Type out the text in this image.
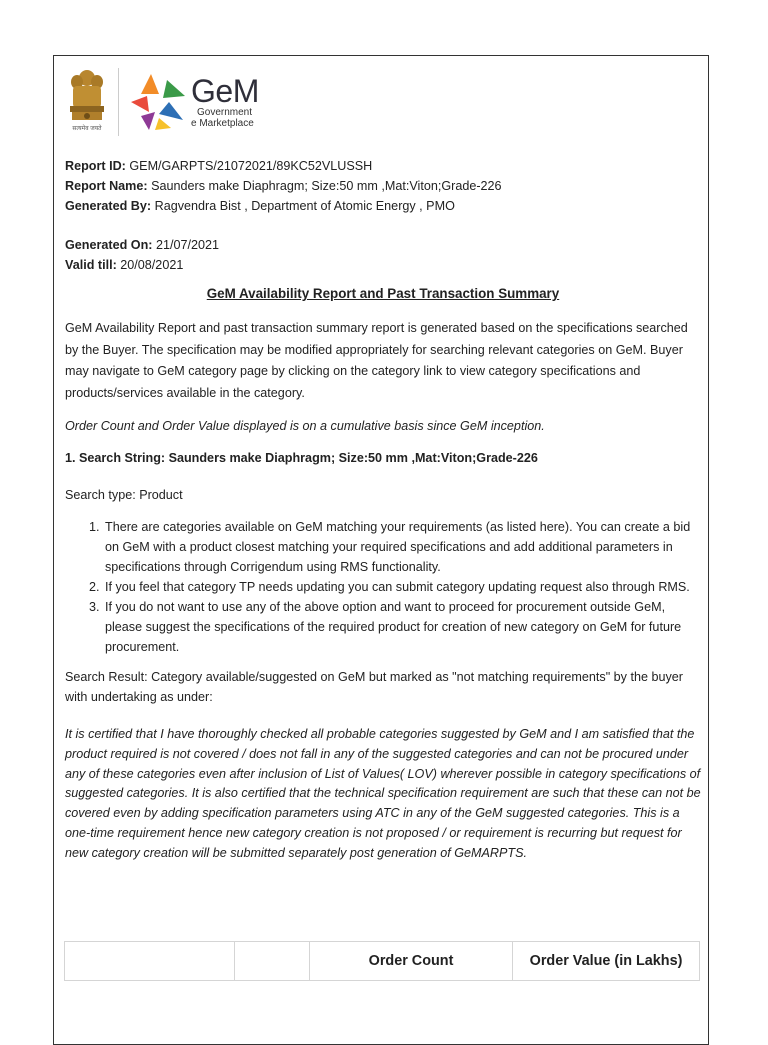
सत्यमेव जयते
GeM
Government
e Marketplace
Report ID: GEM/GARPTS/21072021/89KC52VLUSSH
Report Name: Saunders make Diaphragm; Size:50 mm ,Mat:Viton;Grade-226
Generated By: Ragvendra Bist , Department of Atomic Energy , PMO
Generated On: 21/07/2021
Valid till: 20/08/2021
GeM Availability Report and Past Transaction Summary

GeM Availability Report and past transaction summary report is generated based on the specifications searched by the Buyer. The specification may be modified appropriately for searching relevant categories on GeM. Buyer may navigate to GeM category page by clicking on the category link to view category specifications and products/services available in the category.

Order Count and Order Value displayed is on a cumulative basis since GeM inception.

1. Search String: Saunders make Diaphragm; Size:50 mm ,Mat:Viton;Grade-226

Search type: Product

1. There are categories available on GeM matching your requirements (as listed here). You can create a bid on GeM with a product closest matching your required specifications and add additional parameters in specifications through Corrigendum using RMS functionality.
2. If you feel that category TP needs updating you can submit category updating request also through RMS.
3. If you do not want to use any of the above option and want to proceed for procurement outside GeM, please suggest the specifications of the required product for creation of new category on GeM for future procurement.

Search Result: Category available/suggested on GeM but marked as "not matching requirements" by the buyer with undertaking as under:

It is certified that I have thoroughly checked all probable categories suggested by GeM and I am satisfied that the product required is not covered / does not fall in any of the suggested categories and can not be procured under any of these categories even after inclusion of List of Values( LOV) wherever possible in category specifications of suggested categories. It is also certified that the technical specification requirement are such that these can not be covered even by adding specification parameters using ATC in any of the GeM suggested categories. This is a one-time requirement hence new category creation is not proposed / or requirement is recurring but request for new category creation will be submitted separately post generation of GeMARPTS.
		Order Count	Order Value (in Lakhs)
